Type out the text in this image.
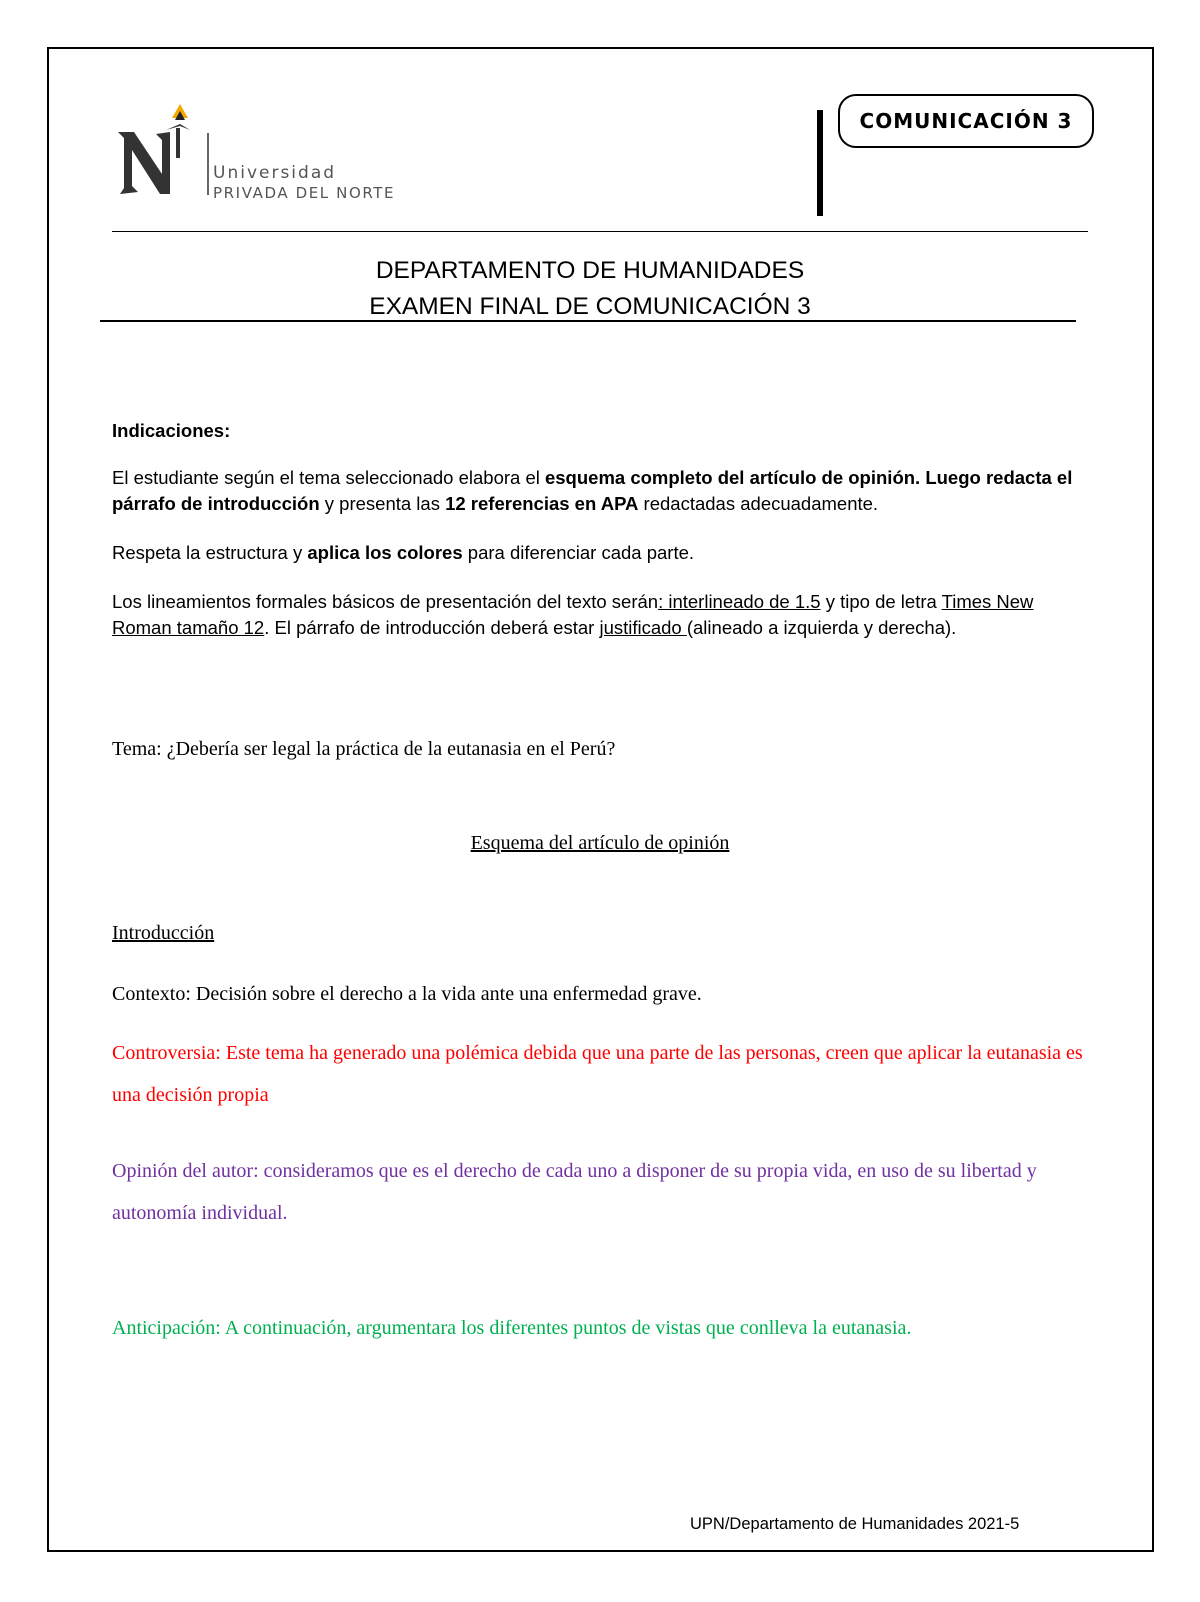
Universidad
PRIVADA DEL NORTE
COMUNICACIÓN 3
DEPARTAMENTO DE HUMANIDADES
EXAMEN FINAL DE COMUNICACIÓN 3
Indicaciones:
El estudiante según el tema seleccionado elabora el esquema completo del artículo de opinión. Luego redacta el párrafo de introducción y presenta las 12 referencias en APA redactadas adecuadamente.
Respeta la estructura y aplica los colores para diferenciar cada parte.
Los lineamientos formales básicos de presentación del texto serán: interlineado de 1.5 y tipo de letra Times New Roman tamaño 12. El párrafo de introducción deberá estar justificado (alineado a izquierda y derecha).
Tema: ¿Debería ser legal la práctica de la eutanasia en el Perú?
Esquema del artículo de opinión
Introducción
Contexto: Decisión sobre el derecho a la vida ante una enfermedad grave.
Controversia: Este tema ha generado una polémica debida que una parte de las personas, creen que aplicar la eutanasia es una decisión propia
Opinión del autor: consideramos que es el derecho de cada uno a disponer de su propia vida, en uso de su libertad y autonomía individual.
Anticipación: A continuación, argumentara los diferentes puntos de vistas que conlleva la eutanasia.
UPN/Departamento de Humanidades 2021-5
